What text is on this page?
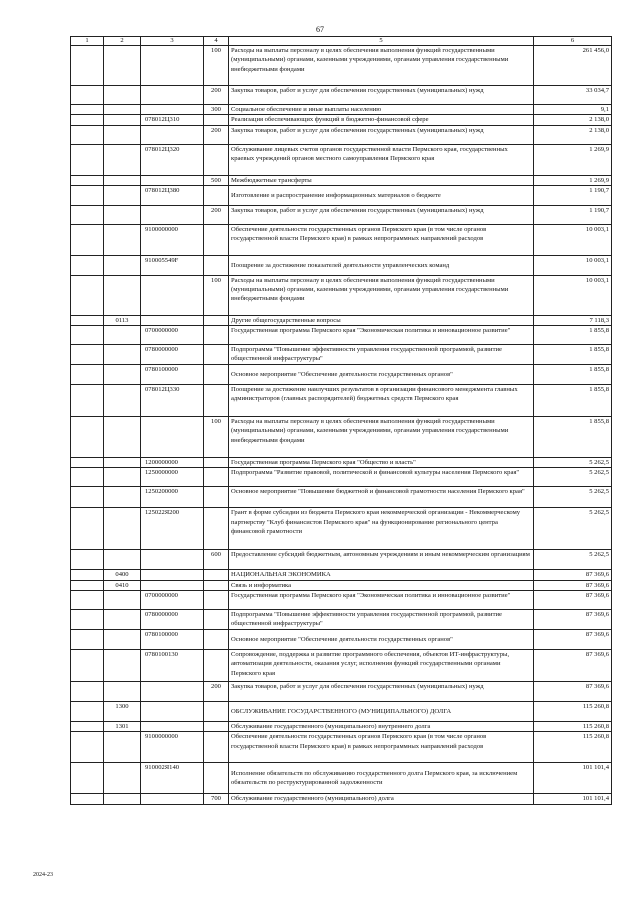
67
1	2	3	4	5	6
			100	Расходы на выплаты персоналу в целях обеспечения выполнения функций государственными (муниципальными) органами, казенными учреждениями, органами управления государственными внебюджетными фондами	261 456,0
			200	Закупка товаров, работ и услуг для обеспечения государственных (муниципальных) нужд	33 034,7
			300	Социальное обеспечение и иные выплаты населению	9,1
		078012Ц310		Реализация обеспечивающих функций в бюджетно-финансовой сфере	2 138,0
			200	Закупка товаров, работ и услуг для обеспечения государственных (муниципальных) нужд	2 138,0
		078012Ц320		Обслуживание лицевых счетов органов государственной власти Пермского края, государственных краевых учреждений органов местного самоуправления Пермского края	1 269,9
			500	Межбюджетные трансферты	1 269,9
		078012Ц380		Изготовление и распространение информационных материалов о бюджете	1 190,7
			200	Закупка товаров, работ и услуг для обеспечения государственных (муниципальных) нужд	1 190,7
		9100000000		Обеспечение деятельности государственных органов Пермского края (в том числе органов государственной власти Пермского края) в рамках непрограммных направлений расходов	10 003,1
		910005549F		Поощрение за достижение показателей деятельности управленческих команд	10 003,1
			100	Расходы на выплаты персоналу в целях обеспечения выполнения функций государственными (муниципальными) органами, казенными учреждениями, органами управления государственными внебюджетными фондами	10 003,1
	0113			Другие общегосударственные вопросы	7 118,3
		0700000000		Государственная программа Пермского края "Экономическая политика и инновационное развитие"	1 855,8
		0780000000		Подпрограмма "Повышение эффективности управления государственной программой, развитие общественной инфраструктуры"	1 855,8
		0780100000		Основное мероприятие "Обеспечение деятельности государственных органов"	1 855,8
		078012Ц330		Поощрение за достижение наилучших результатов в организации финансового менеджмента главных администраторов (главных распорядителей) бюджетных средств Пермского края	1 855,8
			100	Расходы на выплаты персоналу в целях обеспечения выполнения функций государственными (муниципальными) органами, казенными учреждениями, органами управления государственными внебюджетными фондами	1 855,8
		1200000000		Государственная программа Пермского края "Общество и власть"	5 262,5
		1250000000		Подпрограмма "Развитие правовой, политической и финансовой культуры населения Пермского края"	5 262,5
		1250200000		Основное мероприятие "Повышение бюджетной и финансовой грамотности населения Пермского края"	5 262,5
		125022Я200		Грант в форме субсидии из бюджета Пермского края некоммерческой организации - Некоммерческому партнерству "Клуб финансистов Пермского края" на функционирование регионального центра финансовой грамотности	5 262,5
			600	Предоставление субсидий бюджетным, автономным учреждениям и иным некоммерческим организациям	5 262,5
	0400			НАЦИОНАЛЬНАЯ ЭКОНОМИКА	87 369,6
	0410			Связь и информатика	87 369,6
		0700000000		Государственная программа Пермского края "Экономическая политика и инновационное развитие"	87 369,6
		0780000000		Подпрограмма "Повышение эффективности управления государственной программой, развитие общественной инфраструктуры"	87 369,6
		0780100000		Основное мероприятие "Обеспечение деятельности государственных органов"	87 369,6
		0780100130		Сопровождение, поддержка и развитие программного обеспечения, объектов ИТ-инфраструктуры, автоматизация деятельности, оказания услуг, исполнения функций государственными органами Пермского края	87 369,6
			200	Закупка товаров, работ и услуг для обеспечения государственных (муниципальных) нужд	87 369,6
	1300			ОБСЛУЖИВАНИЕ ГОСУДАРСТВЕННОГО (МУНИЦИПАЛЬНОГО) ДОЛГА	115 260,8
	1301			Обслуживание государственного (муниципального) внутреннего долга	115 260,8
		9100000000		Обеспечение деятельности государственных органов Пермского края (в том числе органов государственной власти Пермского края) в рамках непрограммных направлений расходов	115 260,8
		910002Я140		Исполнение обязательств по обслуживанию государственного долга Пермского края, за исключением обязательств по реструктурированной задолженности	101 101,4
			700	Обслуживание государственного (муниципального) долга	101 101,4
2024-23
